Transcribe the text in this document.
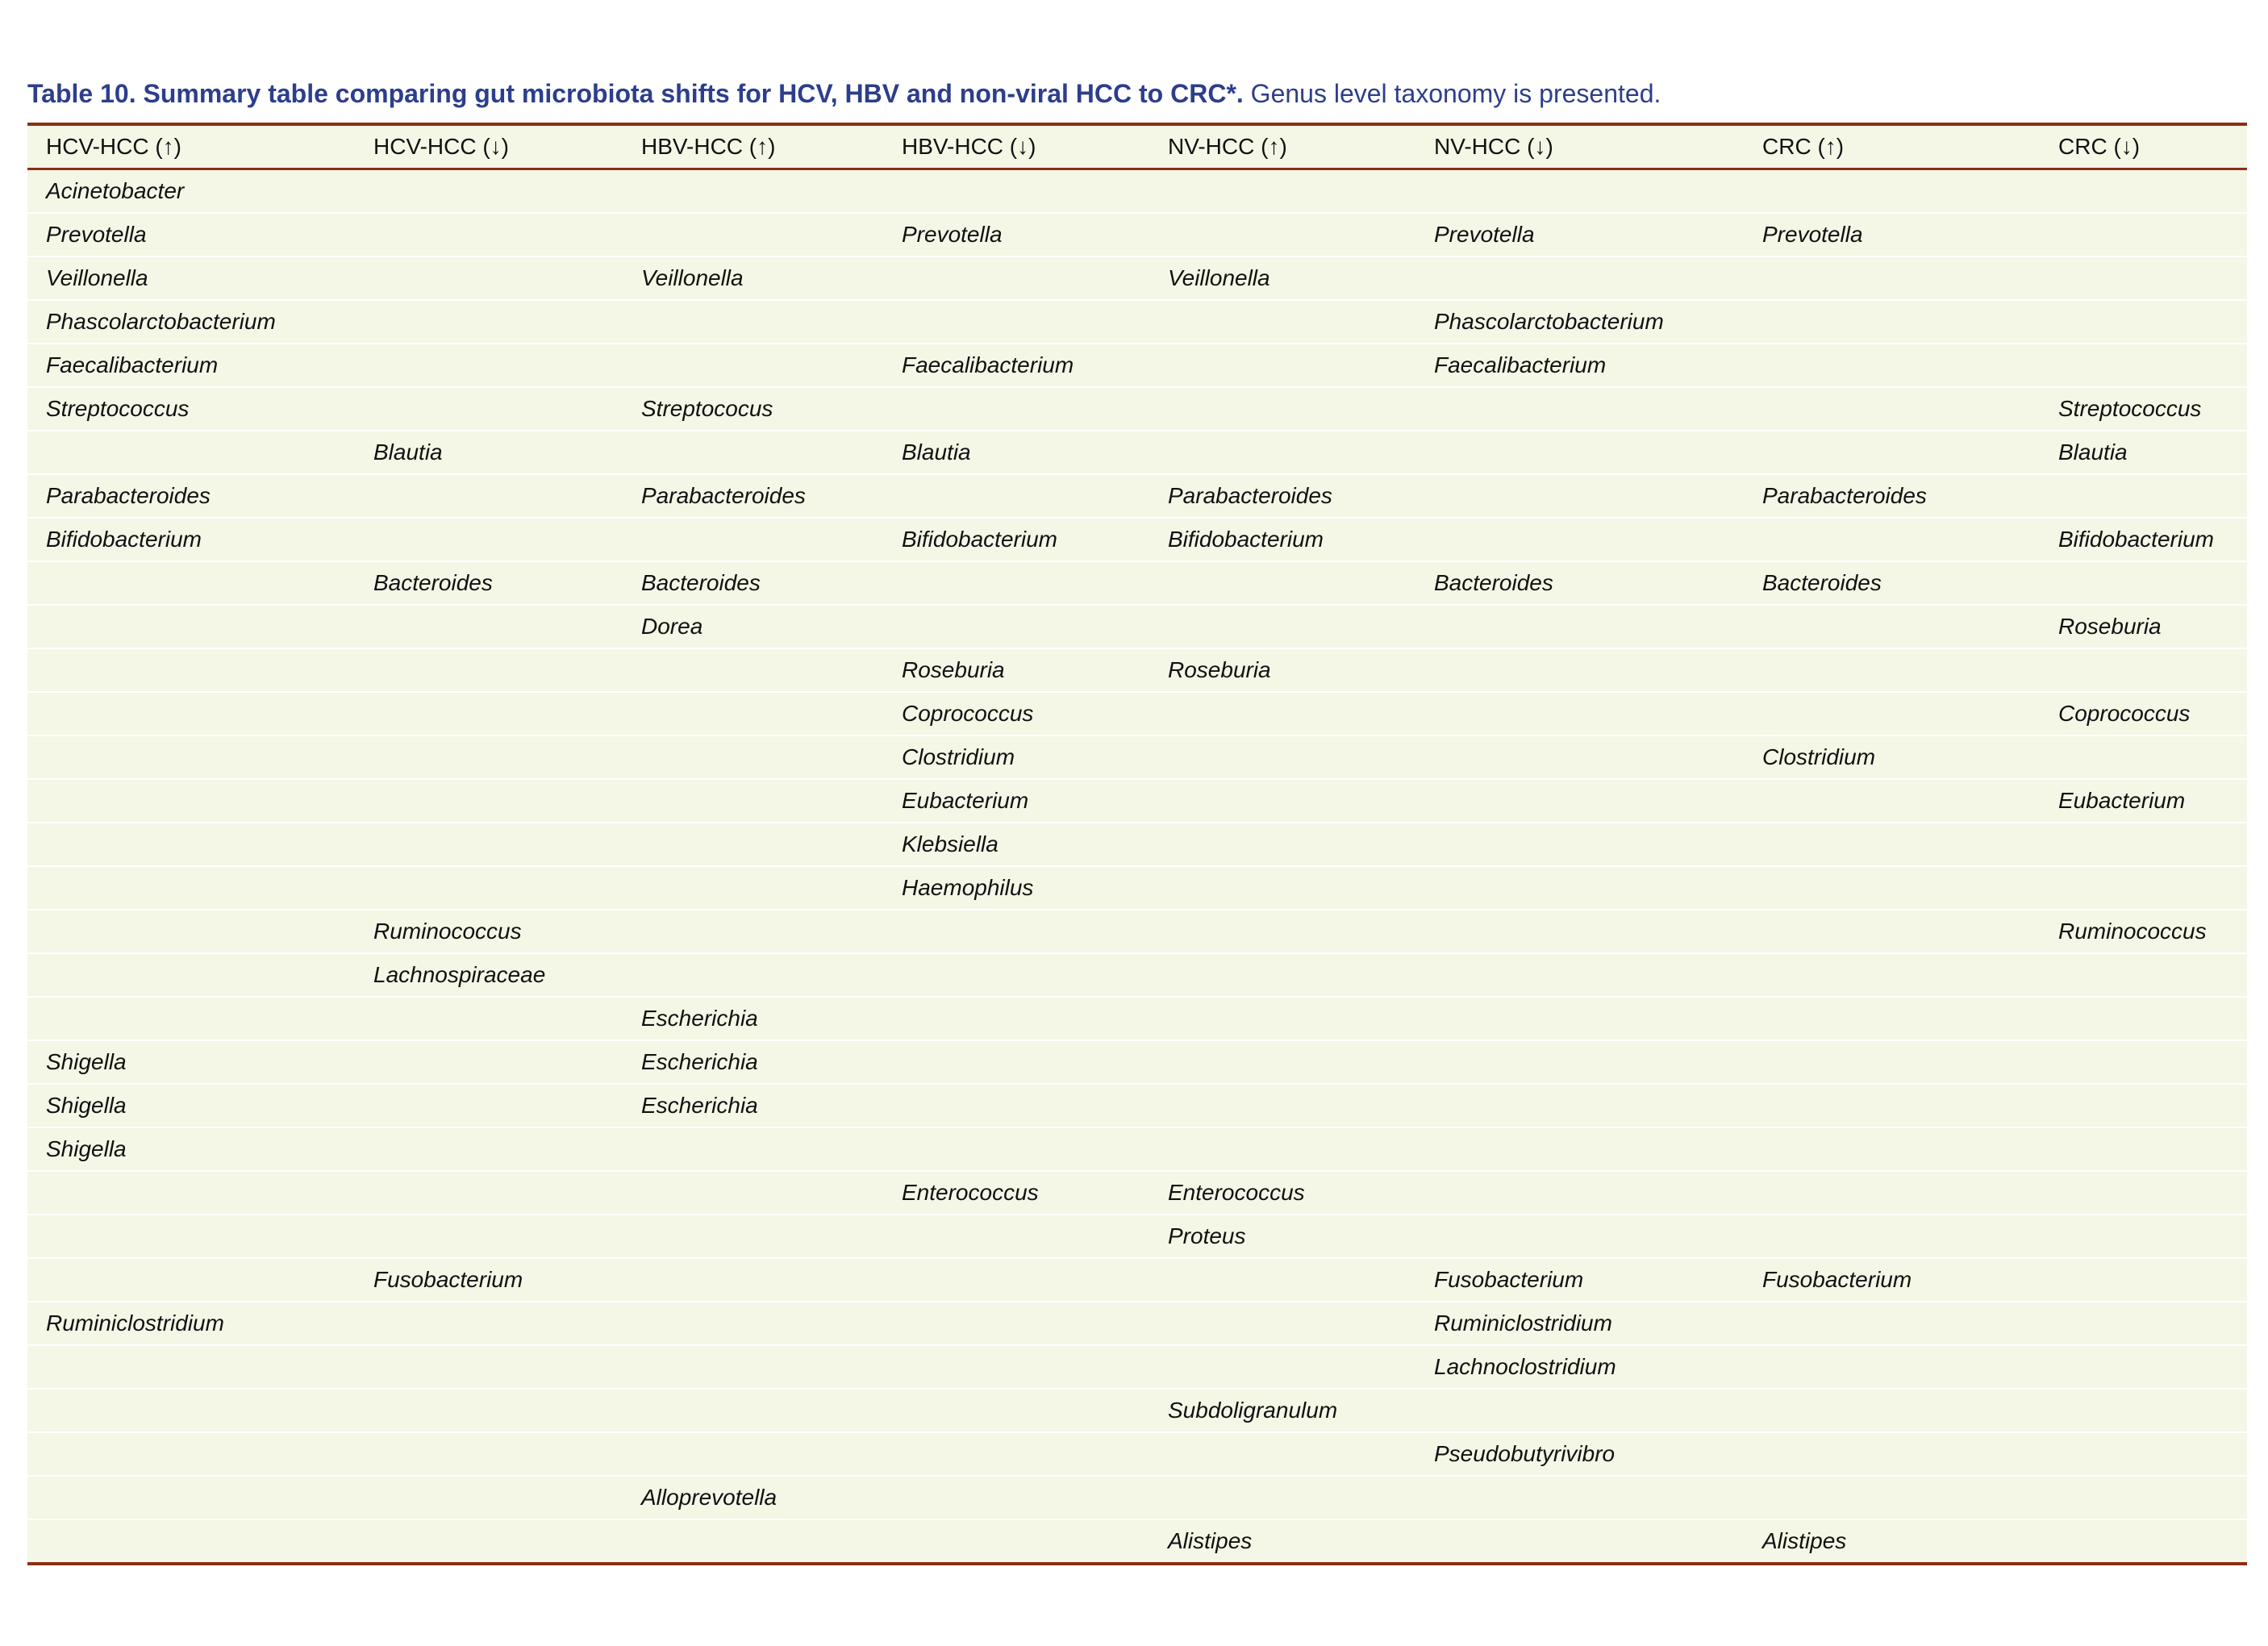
Table 10. Summary table comparing gut microbiota shifts for HCV, HBV and non-viral HCC to CRC*. Genus level taxonomy is presented.
HCV-HCC (↑)	HCV-HCC (↓)	HBV-HCC (↑)	HBV-HCC (↓)	NV-HCC (↑)	NV-HCC (↓)	CRC (↑)	CRC (↓)
Acinetobacter							
Prevotella			Prevotella		Prevotella	Prevotella	
Veillonella		Veillonella		Veillonella			
Phascolarctobacterium					Phascolarctobacterium		
Faecalibacterium			Faecalibacterium		Faecalibacterium		
Streptococcus		Streptococus					Streptococcus
	Blautia		Blautia				Blautia
Parabacteroides		Parabacteroides		Parabacteroides		Parabacteroides	
Bifidobacterium			Bifidobacterium	Bifidobacterium			Bifidobacterium
	Bacteroides	Bacteroides			Bacteroides	Bacteroides	
		Dorea					Roseburia
			Roseburia	Roseburia			
			Coprococcus				Coprococcus
			Clostridium			Clostridium	
			Eubacterium				Eubacterium
			Klebsiella				
			Haemophilus				
	Ruminococcus						Ruminococcus
	Lachnospiraceae						
		Escherichia					
Shigella		Escherichia					
Shigella		Escherichia					
Shigella							
			Enterococcus	Enterococcus			
				Proteus			
	Fusobacterium				Fusobacterium	Fusobacterium	
Ruminiclostridium					Ruminiclostridium		
					Lachnoclostridium		
				Subdoligranulum			
					Pseudobutyrivibro		
		Alloprevotella					
				Alistipes		Alistipes	
